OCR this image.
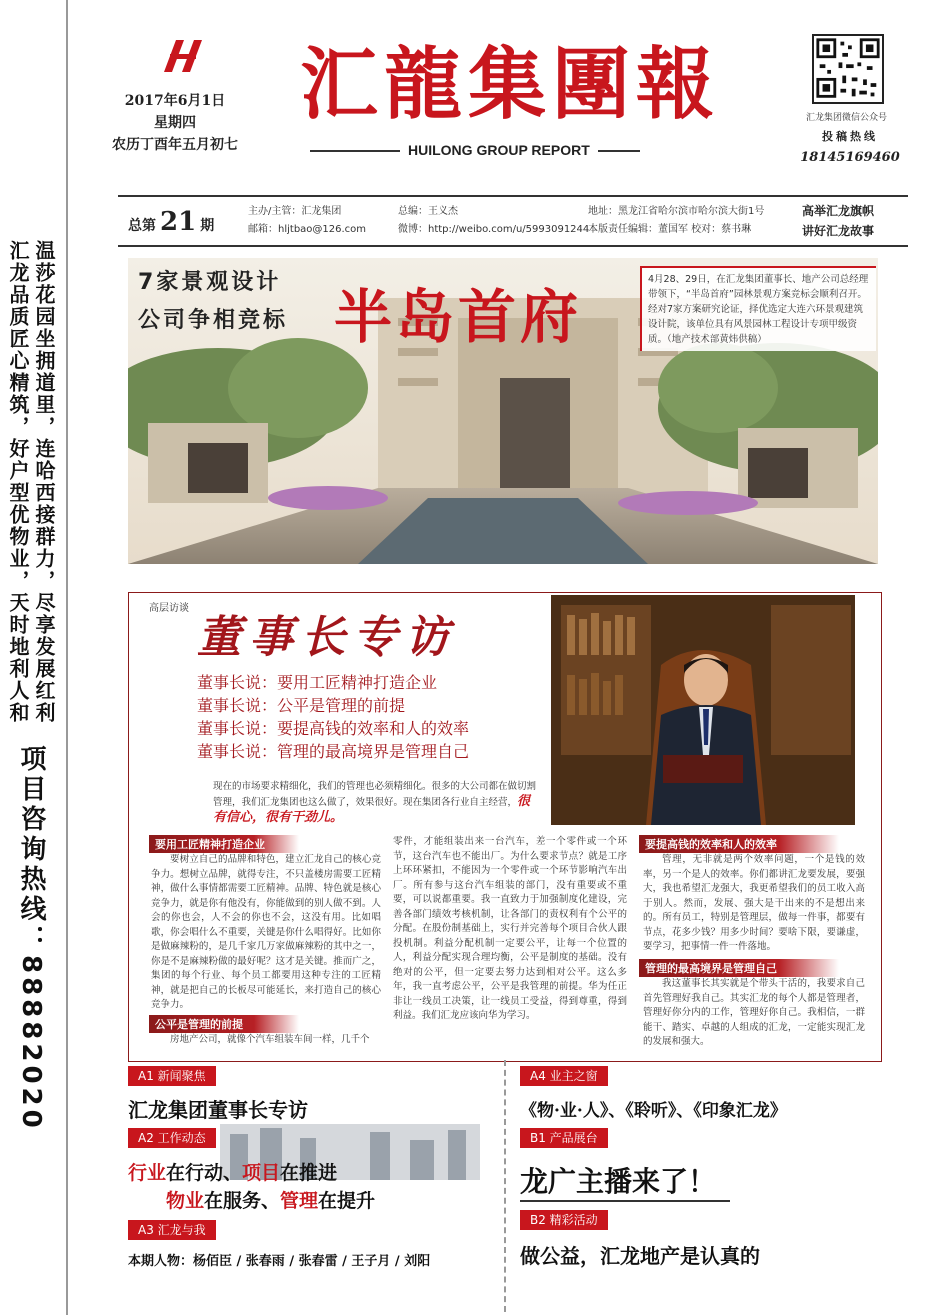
温莎花园坐拥道里，连哈西接群力，尽享发展红利
汇龙品质匠心精筑，好户型优物业，天时地利人和
项目咨询热线：88882020
2017年6月1日
星期四
农历丁酉年五月初七
汇龍集團報
HUILONG GROUP REPORT
汇龙集团微信公众号
投稿热线
18145169460
总第 21 期
主办/主管：汇龙集团
邮箱：hljtbao@126.com
总编：王义杰
微博：http://weibo.com/u/5993091244
地址：黑龙江省哈尔滨市哈尔滨大街1号
本版责任编辑：董国军 校对：蔡书琳
高举汇龙旗帜
讲好汇龙故事
7家景观设计
公司争相竞标 半岛首府
4月28、29日，在汇龙集团董事长、地产公司总经理带领下，“半岛首府”园林景观方案竞标会顺利召开。经对7家方案研究论证，择优选定大连六环景观建筑设计院，该单位具有风景园林工程设计专项甲级资质。（地产技术部黄炜供稿）
高层访谈
董事长专访
董事长说：要用工匠精神打造企业
董事长说：公平是管理的前提
董事长说：要提高钱的效率和人的效率
董事长说：管理的最高境界是管理自己
现在的市场要求精细化，我们的管理也必须精细化。很多的大公司都在做切割管理，我们汇龙集团也这么做了，效果很好。现在集团各行业自主经营，很有信心，很有干劲儿。
要用工匠精神打造企业
要树立自己的品牌和特色，建立汇龙自己的核心竞争力。想树立品牌，就得专注，不只盖楼房需要工匠精神，做什么事情都需要工匠精神。品牌、特色就是核心竞争力，就是你有他没有，你能做到的别人做不到。人会的你也会，人不会的你也不会，这没有用。比如唱歌，你会唱什么不重要，关键是你什么唱得好。比如你是做麻辣粉的，是几千家几万家做麻辣粉的其中之一，你是不是麻辣粉做的最好呢？这才是关键。推而广之，集团的每个行业、每个员工都要用这种专注的工匠精神，就是把自己的长板尽可能延长，来打造自己的核心竞争力。
公平是管理的前提
房地产公司，就像个汽车组装车间一样，几千个
零件，才能组装出来一台汽车，差一个零件或一个环节，这台汽车也不能出厂。为什么要求节点？就是工序上环环紧扣，不能因为一个零件或一个环节影响汽车出厂。所有参与这台汽车组装的部门，没有重要或不重要，可以说都重要。我一直致力于加强制度化建设，完善各部门绩效考核机制，让各部门的责权利有个公平的分配。在股份制基础上，实行并完善每个项目合伙人跟投机制。利益分配机制一定要公平，让每一个位置的人，利益分配实现合理均衡，公平是制度的基础。没有绝对的公平，但一定要去努力达到相对公平。这么多年，我一直考虑公平，公平是我管理的前提。华为任正非让一线员工决策，让一线员工受益，得到尊重，得到利益。我们汇龙应该向华为学习。
要提高钱的效率和人的效率
管理，无非就是两个效率问题，一个是钱的效率，另一个是人的效率。你们都讲汇龙要发展，要强大，我也希望汇龙强大，我更希望我们的员工收入高于别人。然而，发展、强大是干出来的不是想出来的。所有员工，特别是管理层，做每一件事，都要有节点，花多少钱？用多少时间？要啥下限，要谦虚，要学习，把事情一件一件落地。
管理的最高境界是管理自己
我这董事长其实就是个带头干活的，我要求自己首先管理好我自己。其实汇龙的每个人都是管理者，管理好你分内的工作，管理好你自己。我相信，一群能干、踏实、卓越的人组成的汇龙，一定能实现汇龙的发展和强大。
A1 新闻聚焦
汇龙集团董事长专访
A2 工作动态
行业在行动、项目在推进
物业在服务、管理在提升
A3 汇龙与我
本期人物：杨佰臣 / 张春雨 / 张春雷 / 王子月 / 刘阳
A4 业主之窗
《物·业·人》、《聆听》、《印象汇龙》
B1 产品展台
龙广主播来了！
B2 精彩活动
做公益，汇龙地产是认真的
